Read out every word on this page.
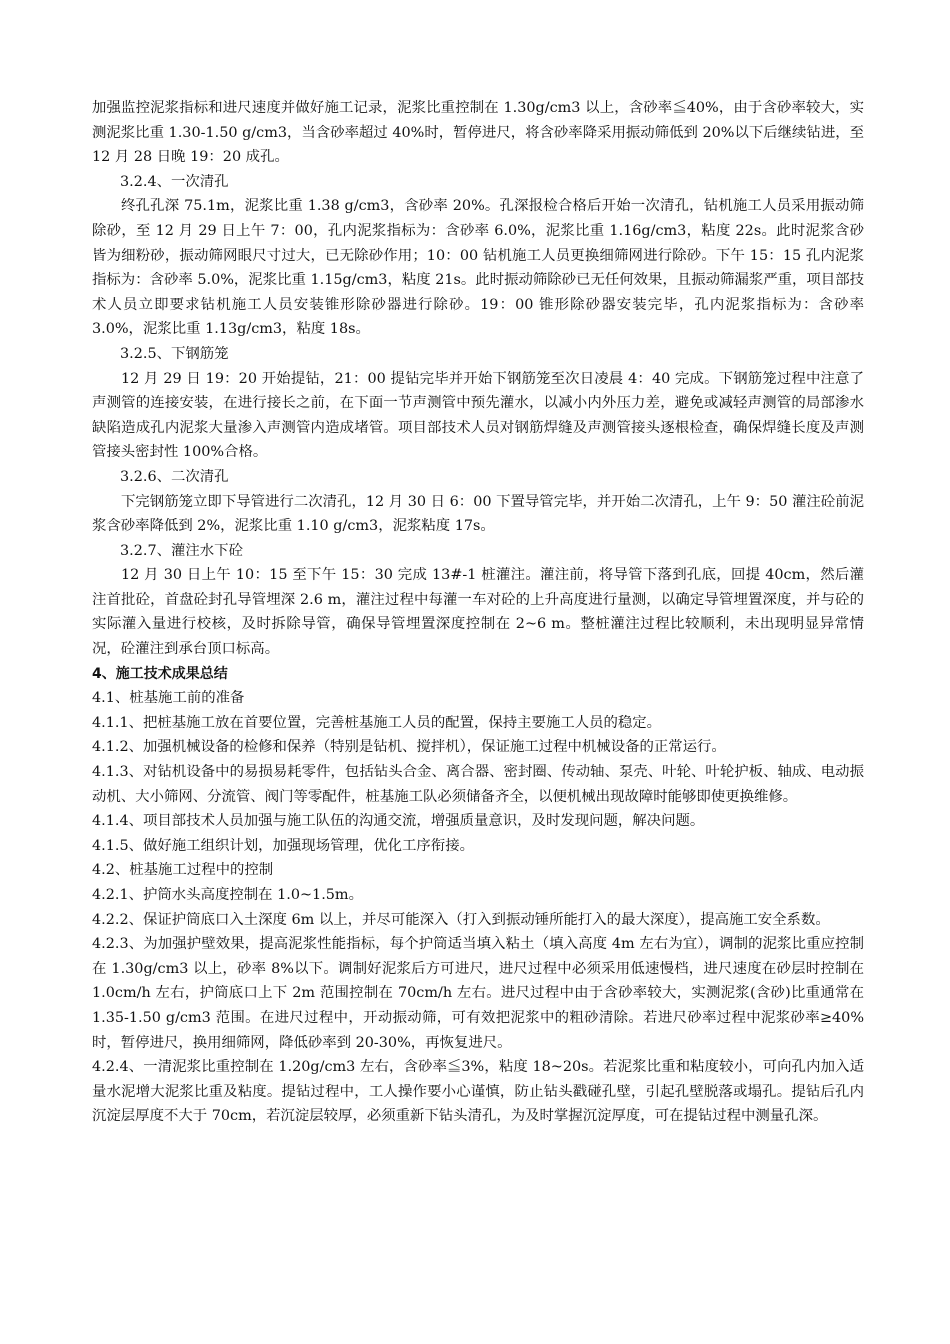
加强监控泥浆指标和进尺速度并做好施工记录，泥浆比重控制在 1.30g/cm3 以上，含砂率≦40%，由于含砂率较大，实测泥浆比重 1.30-1.50 g/cm3，当含砂率超过 40%时，暂停进尺，将含砂率降采用振动筛低到 20%以下后继续钻进，至 12 月 28 日晚 19：20 成孔。

3.2.4、一次清孔

终孔孔深 75.1m，泥浆比重 1.38 g/cm3，含砂率 20%。孔深报检合格后开始一次清孔，钻机施工人员采用振动筛除砂，至 12 月 29 日上午 7：00，孔内泥浆指标为：含砂率 6.0%，泥浆比重 1.16g/cm3，粘度 22s。此时泥浆含砂皆为细粉砂，振动筛网眼尺寸过大，已无除砂作用；10：00 钻机施工人员更换细筛网进行除砂。下午 15：15 孔内泥浆指标为：含砂率 5.0%，泥浆比重 1.15g/cm3，粘度 21s。此时振动筛除砂已无任何效果，且振动筛漏浆严重，项目部技术人员立即要求钻机施工人员安装锥形除砂器进行除砂。19：00 锥形除砂器安装完毕，孔内泥浆指标为：含砂率 3.0%，泥浆比重 1.13g/cm3，粘度 18s。

3.2.5、下钢筋笼

12 月 29 日 19：20 开始提钻，21：00 提钻完毕并开始下钢筋笼至次日凌晨 4：40 完成。下钢筋笼过程中注意了声测管的连接安装，在进行接长之前，在下面一节声测管中预先灌水，以减小内外压力差，避免或减轻声测管的局部渗水缺陷造成孔内泥浆大量渗入声测管内造成堵管。项目部技术人员对钢筋焊缝及声测管接头逐根检查，确保焊缝长度及声测管接头密封性 100%合格。

3.2.6、二次清孔

下完钢筋笼立即下导管进行二次清孔，12 月 30 日 6：00 下置导管完毕，并开始二次清孔，上午 9：50 灌注砼前泥浆含砂率降低到 2%，泥浆比重 1.10 g/cm3，泥浆粘度 17s。

3.2.7、灌注水下砼

12 月 30 日上午 10：15 至下午 15：30 完成 13#-1 桩灌注。灌注前，将导管下落到孔底，回提 40cm，然后灌注首批砼，首盘砼封孔导管埋深 2.6 m，灌注过程中每灌一车对砼的上升高度进行量测，以确定导管埋置深度，并与砼的实际灌入量进行校核，及时拆除导管，确保导管埋置深度控制在 2~6 m。整桩灌注过程比较顺利，未出现明显异常情况，砼灌注到承台顶口标高。

4、施工技术成果总结

4.1、桩基施工前的准备

4.1.1、把桩基施工放在首要位置，完善桩基施工人员的配置，保持主要施工人员的稳定。

4.1.2、加强机械设备的检修和保养（特别是钻机、搅拌机），保证施工过程中机械设备的正常运行。

4.1.3、对钻机设备中的易损易耗零件，包括钻头合金、离合器、密封圈、传动轴、泵壳、叶轮、叶轮护板、轴成、电动振动机、大小筛网、分流管、阀门等零配件，桩基施工队必须储备齐全，以便机械出现故障时能够即使更换维修。

4.1.4、项目部技术人员加强与施工队伍的沟通交流，增强质量意识，及时发现问题，解决问题。

4.1.5、做好施工组织计划，加强现场管理，优化工序衔接。

4.2、桩基施工过程中的控制

4.2.1、护筒水头高度控制在 1.0~1.5m。

4.2.2、保证护筒底口入土深度 6m 以上，并尽可能深入（打入到振动锤所能打入的最大深度），提高施工安全系数。

4.2.3、为加强护壁效果，提高泥浆性能指标，每个护筒适当填入粘土（填入高度 4m 左右为宜），调制的泥浆比重应控制在 1.30g/cm3 以上，砂率 8%以下。调制好泥浆后方可进尺，进尺过程中必须采用低速慢档，进尺速度在砂层时控制在 1.0cm/h 左右，护筒底口上下 2m 范围控制在 70cm/h 左右。进尺过程中由于含砂率较大，实测泥浆(含砂)比重通常在 1.35-1.50 g/cm3 范围。在进尺过程中，开动振动筛，可有效把泥浆中的粗砂清除。若进尺砂率过程中泥浆砂率≥40%时，暂停进尺，换用细筛网，降低砂率到 20-30%，再恢复进尺。

4.2.4、一清泥浆比重控制在 1.20g/cm3 左右，含砂率≦3%，粘度 18~20s。若泥浆比重和粘度较小，可向孔内加入适量水泥增大泥浆比重及粘度。提钻过程中，工人操作要小心谨慎，防止钻头戳碰孔壁，引起孔壁脱落或塌孔。提钻后孔内沉淀层厚度不大于 70cm，若沉淀层较厚，必须重新下钻头清孔，为及时掌握沉淀厚度，可在提钻过程中测量孔深。
